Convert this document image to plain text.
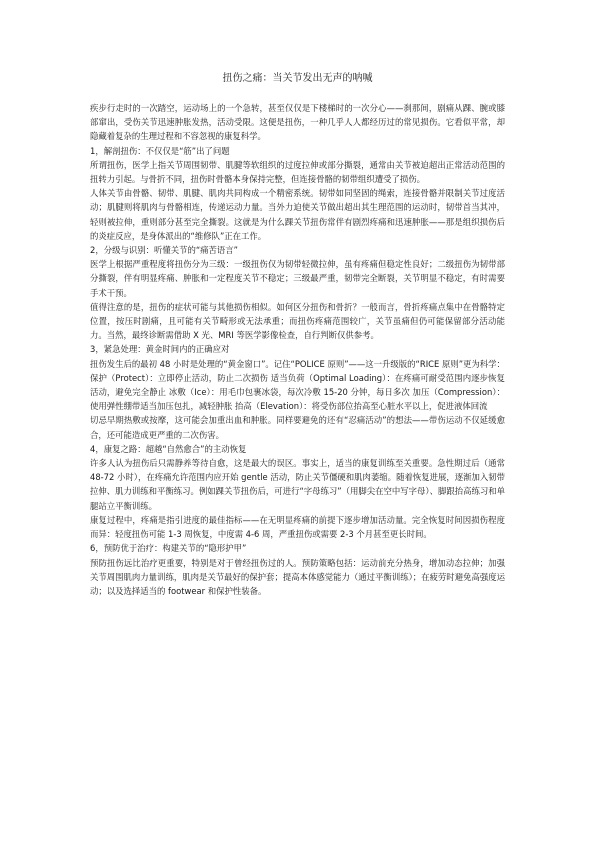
扭伤之痛：当关节发出无声的呐喊

疾步行走时的一次踏空，运动场上的一个急转，甚至仅仅是下楼梯时的一次分心——刹那间，剧痛从踝、腕或膝部窜出，受伤关节迅速肿胀发热，活动受限。这便是扭伤，一种几乎人人都经历过的常见损伤。它看似平常，却隐藏着复杂的生理过程和不容忽视的康复科学。

1，解剖扭伤：不仅仅是“筋”出了问题

所谓扭伤，医学上指关节周围韧带、肌腱等软组织的过度拉伸或部分撕裂，通常由关节被迫超出正常活动范围的扭转力引起。与骨折不同，扭伤时骨骼本身保持完整，但连接骨骼的韧带组织遭受了损伤。

人体关节由骨骼、韧带、肌腱、肌肉共同构成一个精密系统。韧带如同坚固的绳索，连接骨骼并限制关节过度活动；肌腱则将肌肉与骨骼相连，传递运动力量。当外力迫使关节做出超出其生理范围的运动时，韧带首当其冲，轻则被拉伸，重则部分甚至完全撕裂。这就是为什么踝关节扭伤常伴有剧烈疼痛和迅速肿胀——那是组织损伤后的炎症反应，是身体派出的“维修队”正在工作。

2，分级与识别：听懂关节的“痛苦语言”

医学上根据严重程度将扭伤分为三级：一级扭伤仅为韧带轻微拉伸，虽有疼痛但稳定性良好；二级扭伤为韧带部分撕裂，伴有明显疼痛、肿胀和一定程度关节不稳定；三级最严重，韧带完全断裂，关节明显不稳定，有时需要手术干预。

值得注意的是，扭伤的症状可能与其他损伤相似。如何区分扭伤和骨折？一般而言，骨折疼痛点集中在骨骼特定位置，按压时剧痛，且可能有关节畸形或无法承重；而扭伤疼痛范围较广，关节虽痛但仍可能保留部分活动能力。当然，最终诊断需借助 X 光、MRI 等医学影像检查，自行判断仅供参考。

3，紧急处理：黄金时间内的正确应对

扭伤发生后的最初 48 小时是处理的“黄金窗口”。记住“POLICE 原则”——这一升级版的“RICE 原则”更为科学：

保护（Protect）：立即停止活动，防止二次损伤 适当负荷（Optimal Loading）：在疼痛可耐受范围内逐步恢复活动，避免完全静止 冰敷（Ice）：用毛巾包裹冰袋，每次冷敷 15-20 分钟，每日多次 加压（Compression）：使用弹性绷带适当加压包扎，减轻肿胀 抬高（Elevation）：将受伤部位抬高至心脏水平以上，促进液体回流

切忌早期热敷或按摩，这可能会加重出血和肿胀。同样要避免的还有“忍痛活动”的想法——带伤运动不仅延缓愈合，还可能造成更严重的二次伤害。

4，康复之路：超越“自然愈合”的主动恢复

许多人认为扭伤后只需静养等待自愈，这是最大的误区。事实上，适当的康复训练至关重要。急性期过后（通常 48-72 小时），在疼痛允许范围内应开始 gentle 活动，防止关节僵硬和肌肉萎缩。随着恢复进展，逐渐加入韧带拉伸、肌力训练和平衡练习。例如踝关节扭伤后，可进行“字母练习”（用脚尖在空中写字母）、脚跟抬高练习和单腿站立平衡训练。

康复过程中，疼痛是指引进度的最佳指标——在无明显疼痛的前提下逐步增加活动量。完全恢复时间因损伤程度而异：轻度扭伤可能 1-3 周恢复，中度需 4-6 周，严重扭伤或需要 2-3 个月甚至更长时间。

6，预防优于治疗：构建关节的“隐形护甲”

预防扭伤远比治疗更重要，特别是对于曾经扭伤过的人。预防策略包括：运动前充分热身，增加动态拉伸；加强关节周围肌肉力量训练，肌肉是关节最好的保护套；提高本体感觉能力（通过平衡训练）；在疲劳时避免高强度运动；以及选择适当的 footwear 和保护性装备。
